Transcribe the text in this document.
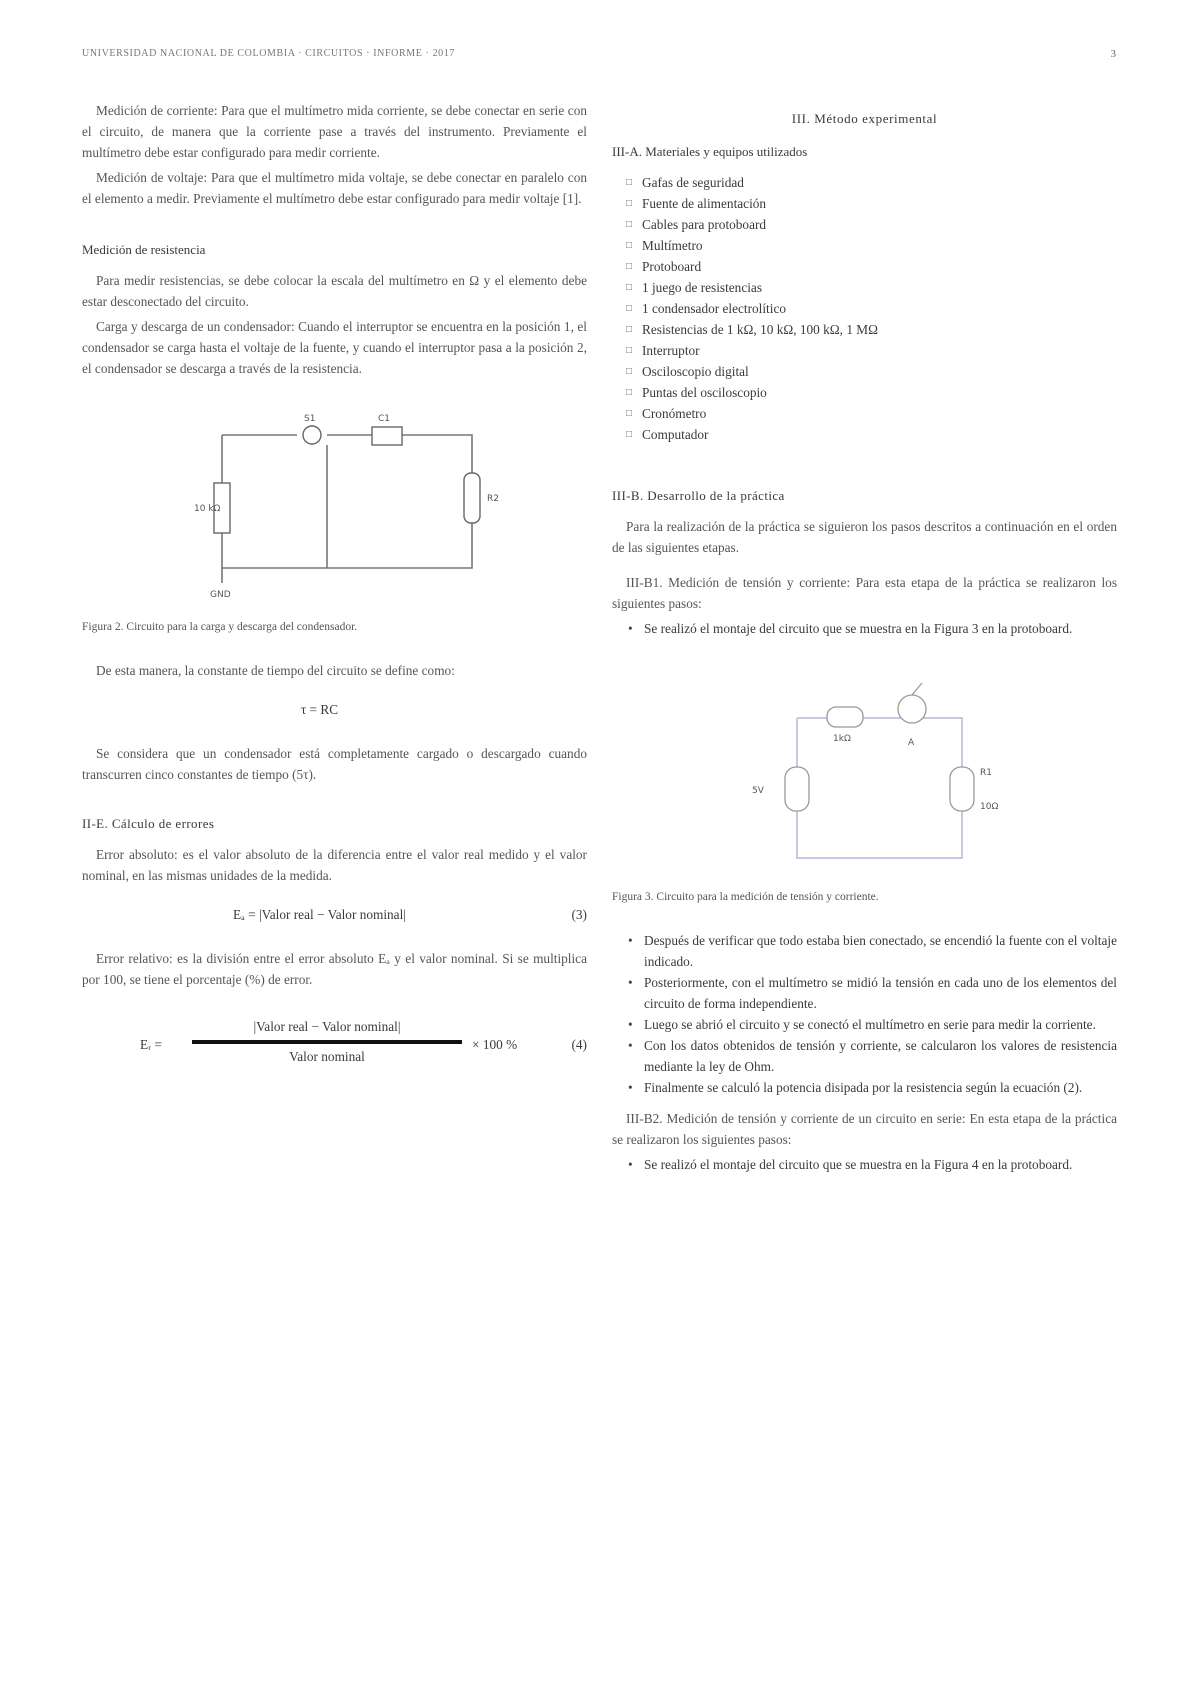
UNIVERSIDAD NACIONAL DE COLOMBIA · CIRCUITOS · INFORME · 2017	3

Medición de corriente: Para que el multímetro mida corriente, se debe conectar en serie con el circuito, de manera que la corriente pase a través del instrumento. Previamente el multímetro debe estar configurado para medir corriente.

Medición de voltaje: Para que el multímetro mida voltaje, se debe conectar en paralelo con el elemento a medir. Previamente el multímetro debe estar configurado para medir voltaje [1].

Medición de resistencia

Para medir resistencias, se debe colocar la escala del multímetro en Ω y el elemento debe estar desconectado del circuito.

Carga y descarga de un condensador: Cuando el interruptor se encuentra en la posición 1, el condensador se carga hasta el voltaje de la fuente, y cuando el interruptor pasa a la posición 2, el condensador se descarga a través de la resistencia.

10 kΩ
S1	C1
R2
GND
Figura 2. Circuito para la carga y descarga del condensador.

De esta manera, la constante de tiempo del circuito se define como:

τ = RC

Se considera que un condensador está completamente cargado o descargado cuando transcurren cinco constantes de tiempo (5τ).

II-E. Cálculo de errores

Error absoluto: es el valor absoluto de la diferencia entre el valor real medido y el valor nominal, en las mismas unidades de la medida.

Eₐ = |Valor real − Valor nominal|	(3)

Error relativo: es la división entre el error absoluto Eₐ y el valor nominal. Si se multiplica por 100, se tiene el porcentaje (%) de error.

Eᵣ =
|Valor real − Valor nominal|
Valor nominal
× 100 %	(4)
III. Método experimental
III-A. Materiales y equipos utilizados
□ Gafas de seguridad
□ Fuente de alimentación
□ Cables para protoboard
□ Multímetro
□ Protoboard
□ 1 juego de resistencias
□ 1 condensador electrolítico
□ Resistencias de 1 kΩ, 10 kΩ, 100 kΩ, 1 MΩ
□ Interruptor
□ Osciloscopio digital
□ Puntas del osciloscopio
□ Cronómetro
□ Computador
III-B. Desarrollo de la práctica

Para la realización de la práctica se siguieron los pasos descritos a continuación en el orden de las siguientes etapas.

III-B1. Medición de tensión y corriente: Para esta etapa de la práctica se realizaron los siguientes pasos:

• Se realizó el montaje del circuito que se muestra en la Figura 3 en la protoboard.
1kΩ	A
5V
R1
10Ω
Figura 3. Circuito para la medición de tensión y corriente.
• Después de verificar que todo estaba bien conectado, se encendió la fuente con el voltaje indicado.
• Posteriormente, con el multímetro se midió la tensión en cada uno de los elementos del circuito de forma independiente.
• Luego se abrió el circuito y se conectó el multímetro en serie para medir la corriente.
• Con los datos obtenidos de tensión y corriente, se calcularon los valores de resistencia mediante la ley de Ohm.
• Finalmente se calculó la potencia disipada por la resistencia según la ecuación (2).

III-B2. Medición de tensión y corriente de un circuito en serie: En esta etapa de la práctica se realizaron los siguientes pasos:

• Se realizó el montaje del circuito que se muestra en la Figura 4 en la protoboard.
